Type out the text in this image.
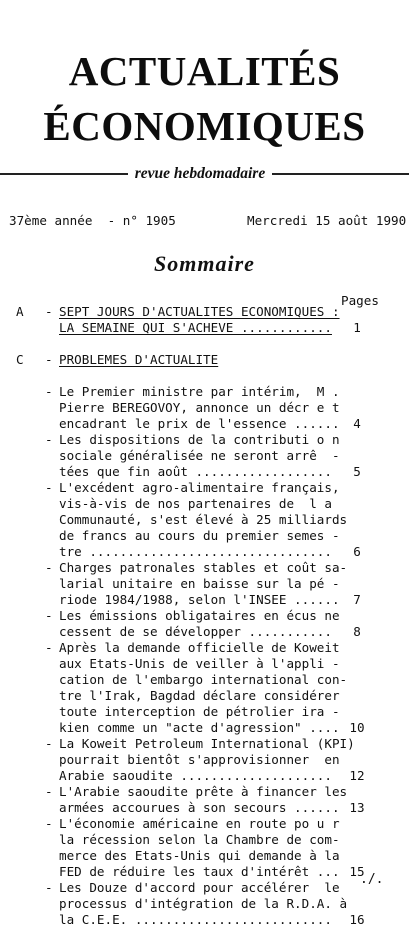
ACTUALITÉS
ÉCONOMIQUES
revue hebdomadaire
37ème année  - n° 1905	Mercredi 15 août 1990
Sommaire
Pages
A - SEPT JOURS D'ACTUALITES ECONOMIQUES :
LA SEMAINE QUI S'ACHEVE ............	1
C - PROBLEMES D'ACTUALITE
- Le Premier ministre par intérim,  M .
Pierre BEREGOVOY, annonce un décr e t
encadrant le prix de l'essence ......	4
- Les dispositions de la contributi o n
sociale généralisée ne seront arrê  -
tées que fin août ..................	5
- L'excédent agro-alimentaire français,
vis-à-vis de nos partenaires de  l a
Communauté, s'est élevé à 25 milliards
de francs au cours du premier semes -
tre ................................	6
- Charges patronales stables et coût sa-
larial unitaire en baisse sur la pé -
riode 1984/1988, selon l'INSEE ......	7
- Les émissions obligataires en écus ne
cessent de se développer ...........	8
- Après la demande officielle de Koweit
aux Etats-Unis de veiller à l'appli -
cation de l'embargo international con-
tre l'Irak, Bagdad déclare considérer
toute interception de pétrolier ira -
kien comme un "acte d'agression" .... 10
- La Koweit Petroleum International (KPI)
pourrait bientôt s'approvisionner  en
Arabie saoudite ....................	12
- L'Arabie saoudite prête à financer les
armées accourues à son secours ...... 13
- L'économie américaine en route po u r
la récession selon la Chambre de com-
merce des Etats-Unis qui demande à la
FED de réduire les taux d'intérêt ... 15
- Les Douze d'accord pour accélérer  le
processus d'intégration de la R.D.A. à
la C.E.E. ..........................	16
./.
